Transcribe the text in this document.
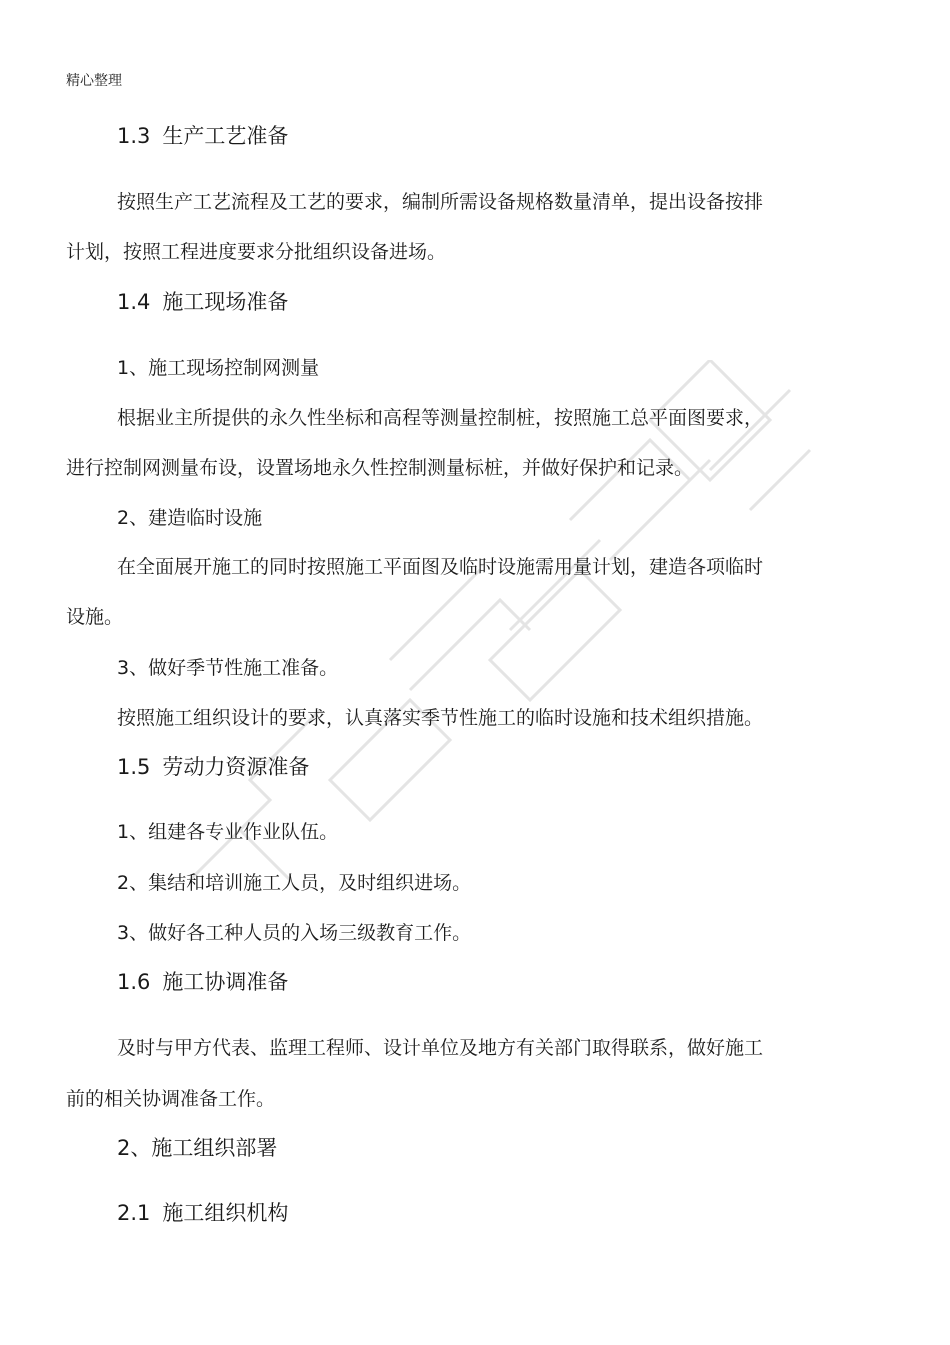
精心整理
1.3 生产工艺准备
按照生产工艺流程及工艺的要求，编制所需设备规格数量清单，提出设备按排
计划，按照工程进度要求分批组织设备进场。
1.4 施工现场准备
1、施工现场控制网测量
根据业主所提供的永久性坐标和高程等测量控制桩，按照施工总平面图要求，
进行控制网测量布设，设置场地永久性控制测量标桩，并做好保护和记录。
2、建造临时设施
在全面展开施工的同时按照施工平面图及临时设施需用量计划，建造各项临时
设施。
3、做好季节性施工准备。
按照施工组织设计的要求，认真落实季节性施工的临时设施和技术组织措施。
1.5 劳动力资源准备
1、组建各专业作业队伍。
2、集结和培训施工人员，及时组织进场。
3、做好各工种人员的入场三级教育工作。
1.6 施工协调准备
及时与甲方代表、监理工程师、设计单位及地方有关部门取得联系，做好施工
前的相关协调准备工作。
2、施工组织部署
2.1 施工组织机构
